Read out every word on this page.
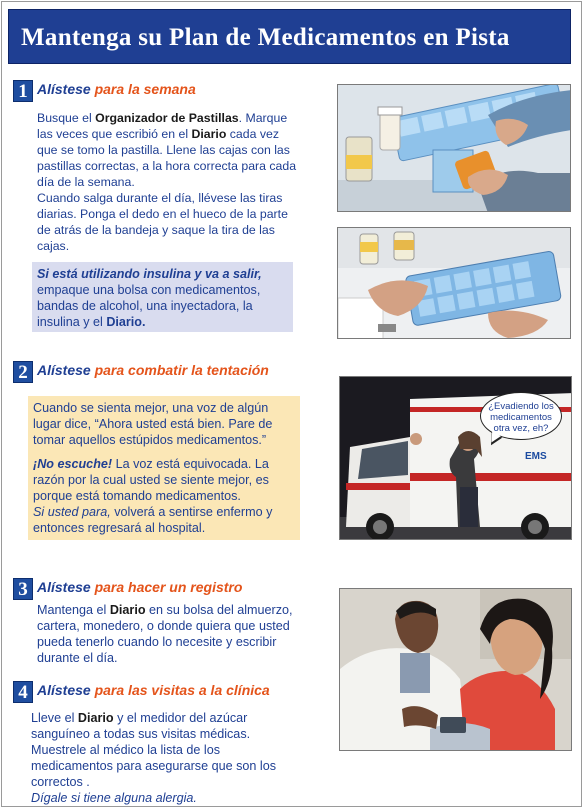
Mantenga su Plan de Medicamentos en Pista
1 Alístese para la semana

Busque el Organizador de Pastillas. Marque las veces que escribió en el Diario cada vez que se tomo la pastilla. Llene las cajas con las pastillas correctas, a la hora correcta para cada día de la semana.

Cuando salga durante el día, llévese las tiras diarias. Ponga el dedo en el hueco de la parte de atrás de la bandeja y saque la tira de las cajas.

Si está utilizando insulina y va a salir, empaque una bolsa con medicamentos, bandas de alcohol, una inyectadora, la insulina y el Diario.

2 Alístese para combatir la tentación

Cuando se sienta mejor, una voz de algún lugar dice, “Ahora usted está bien. Pare de tomar aquellos estúpidos medicamentos.”

¡No escuche! La voz está equivocada. La razón por la cual usted se siente mejor, es porque está tomando medicamentos.

Si usted para, volverá a sentirse enfermo y entonces regresará al hospital.

EMS
¿Evadiendo los medicamentos otra vez, eh?
3 Alístese para hacer un registro

Mantenga el Diario en su bolsa del almuerzo, cartera, monedero, o donde quiera que usted pueda tenerlo cuando lo necesite y escribir durante el día.

4 Alístese para las visitas a la clínica

Lleve el Diario y el medidor del azúcar sanguíneo a todas sus visitas médicas. Muestrele al médico la lista de los medicamentos para asegurarse que son los correctos .

Dígale si tiene alguna alergia.
